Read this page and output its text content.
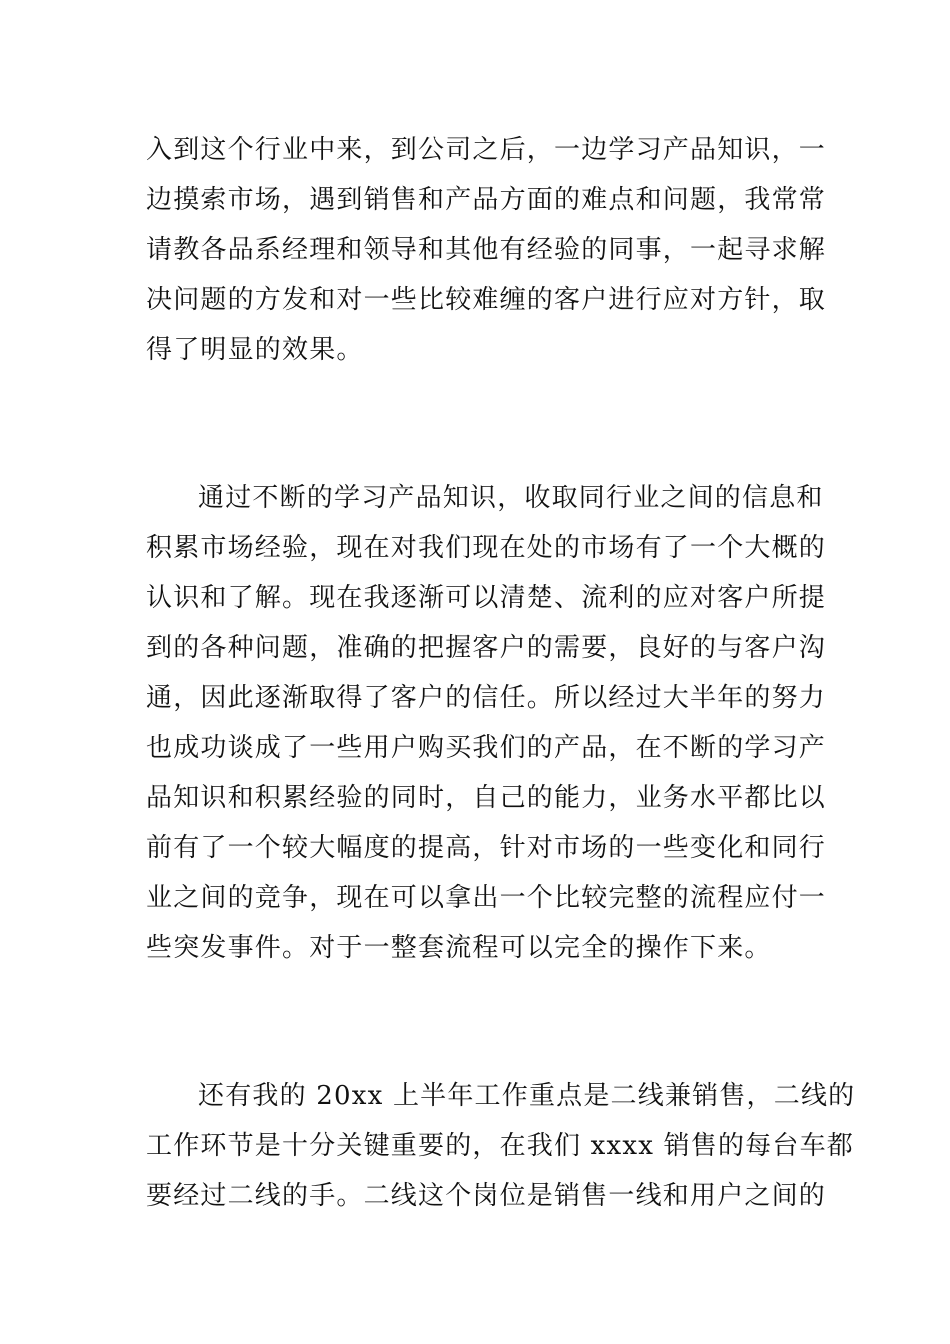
入到这个行业中来，到公司之后，一边学习产品知识，一
边摸索市场，遇到销售和产品方面的难点和问题，我常常
请教各品系经理和领导和其他有经验的同事，一起寻求解
决问题的方发和对一些比较难缠的客户进行应对方针，取
得了明显的效果。
通过不断的学习产品知识，收取同行业之间的信息和
积累市场经验，现在对我们现在处的市场有了一个大概的
认识和了解。现在我逐渐可以清楚、流利的应对客户所提
到的各种问题，准确的把握客户的需要，良好的与客户沟
通，因此逐渐取得了客户的信任。所以经过大半年的努力
也成功谈成了一些用户购买我们的产品，在不断的学习产
品知识和积累经验的同时，自己的能力，业务水平都比以
前有了一个较大幅度的提高，针对市场的一些变化和同行
业之间的竞争，现在可以拿出一个比较完整的流程应付一
些突发事件。对于一整套流程可以完全的操作下来。
还有我的 20xx 上半年工作重点是二线兼销售，二线的
工作环节是十分关键重要的，在我们 xxxx 销售的每台车都
要经过二线的手。二线这个岗位是销售一线和用户之间的
